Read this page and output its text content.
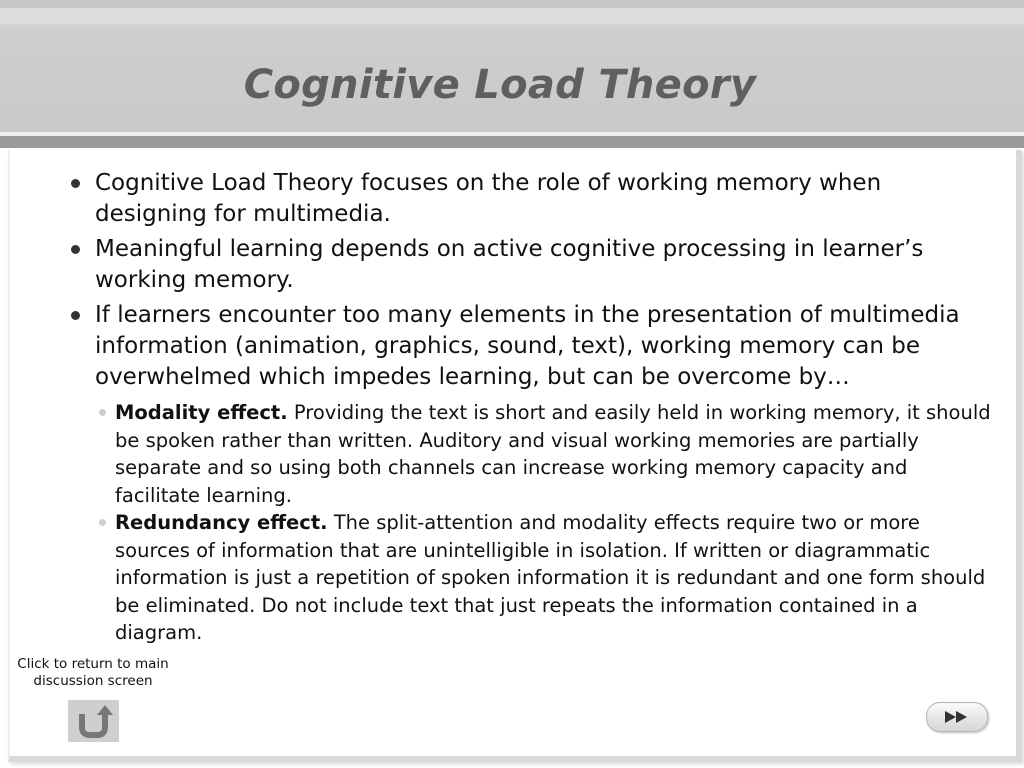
Cognitive Load Theory
Cognitive Load Theory focuses on the role of working memory when designing for multimedia.
Meaningful learning depends on active cognitive processing in learner’s working memory.
If learners encounter too many elements in the presentation of multimedia information (animation, graphics, sound, text), working memory can be overwhelmed which impedes learning, but can be overcome by…
Modality effect. Providing the text is short and easily held in working memory, it should be spoken rather than written. Auditory and visual working memories are partially separate and so using both channels can increase working memory capacity and facilitate learning.
Redundancy effect. The split-attention and modality effects require two or more sources of information that are unintelligible in isolation. If written or diagrammatic information is just a repetition of spoken information it is redundant and one form should be eliminated. Do not include text that just repeats the information contained in a diagram.
Click to return to main discussion screen
